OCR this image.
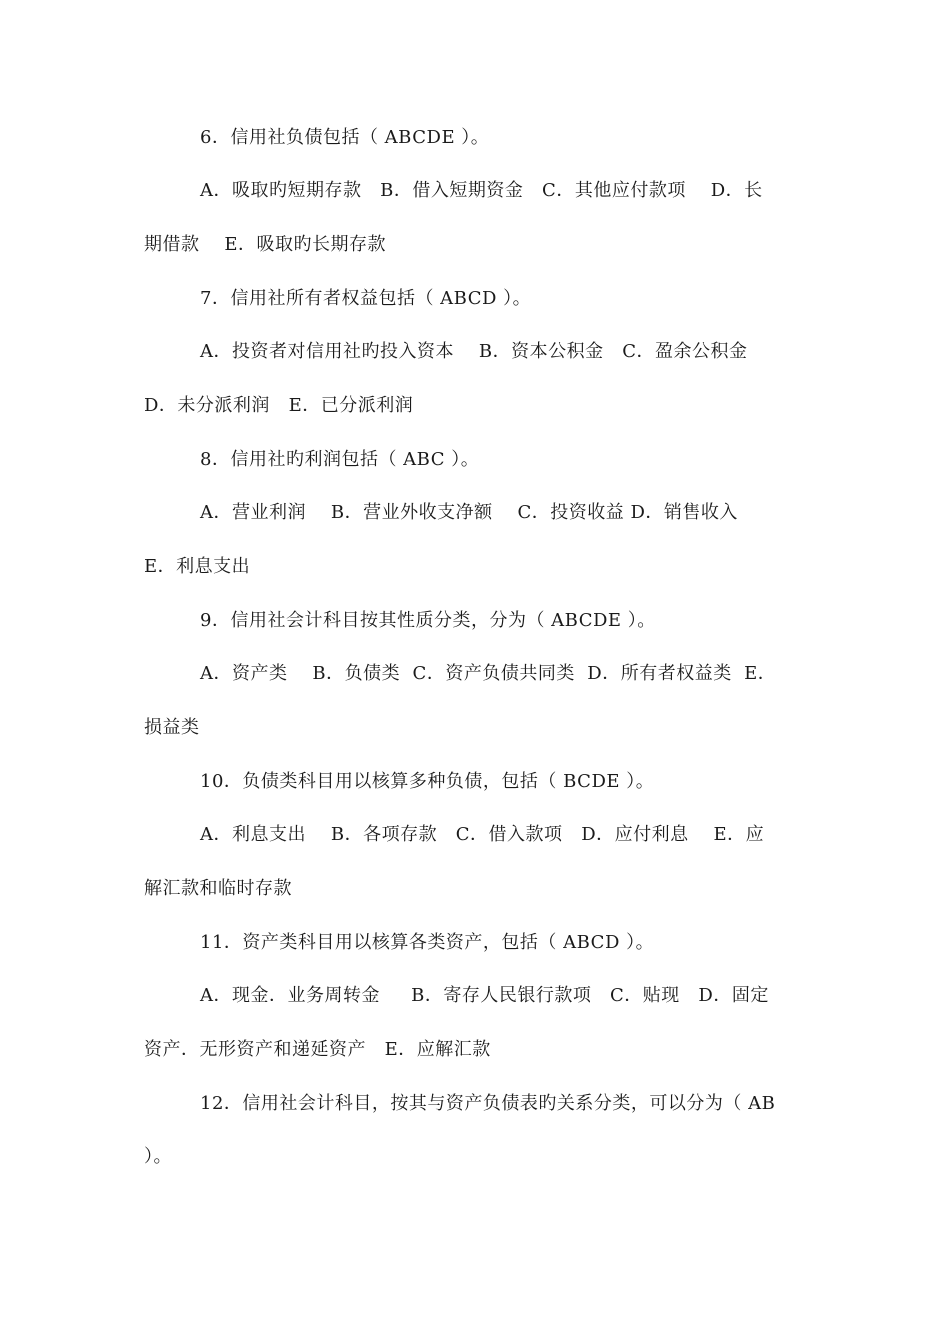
6．信用社负债包括（ ABCDE ）。
A．吸取旳短期存款   B．借入短期资金   C．其他应付款项    D．长
期借款    E．吸取旳长期存款
7．信用社所有者权益包括（ ABCD ）。
A．投资者对信用社旳投入资本    B．资本公积金   C．盈余公积金
D．未分派利润   E．已分派利润
8．信用社旳利润包括（ ABC ）。
A．营业利润    B．营业外收支净额    C．投资收益 D．销售收入
E．利息支出
9．信用社会计科目按其性质分类，分为（ ABCDE ）。
A．资产类    B．负债类  C．资产负债共同类  D．所有者权益类  E．
损益类
10．负债类科目用以核算多种负债，包括（ BCDE ）。
A．利息支出    B．各项存款   C．借入款项   D．应付利息    E．应
解汇款和临时存款
11．资产类科目用以核算各类资产，包括（ ABCD ）。
A．现金．业务周转金     B．寄存人民银行款项   C．贴现   D．固定
资产．无形资产和递延资产   E．应解汇款
12．信用社会计科目，按其与资产负债表旳关系分类，可以分为（ AB
）。
